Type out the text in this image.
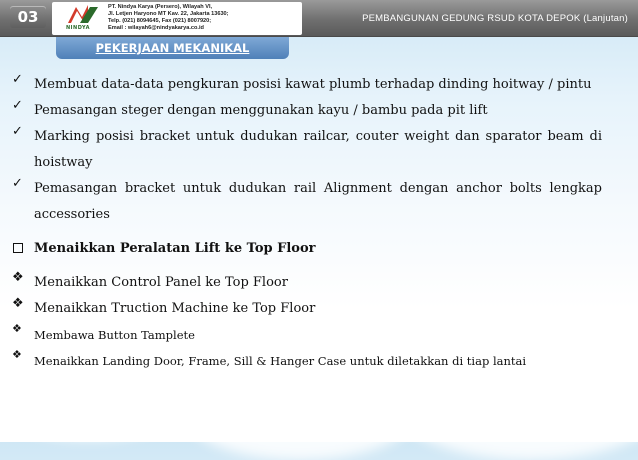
03
NINDYA
PT. Nindya Karya (Persero), Wilayah VI,
Jl. Letjen Haryono MT Kav. 22, Jakarta 13630;
Telp. (021) 8094645, Fax (021) 8007920;
Email : wilayah6@nindyakarya.co.id
PEMBANGUNAN GEDUNG RSUD KOTA DEPOK (Lanjutan)
PEKERJAAN MEKANIKAL
✓ Membuat data-data pengkuran posisi kawat plumb terhadap dinding hoitway / pintu
✓ Pemasangan steger dengan menggunakan kayu / bambu pada pit lift
✓ Marking posisi bracket untuk dudukan railcar, couter weight dan sparator beam di hoistway
✓ Pemasangan bracket untuk dudukan rail Alignment dengan anchor bolts lengkap accessories
Menaikkan Peralatan Lift ke Top Floor
❖ Menaikkan Control Panel ke Top Floor
❖ Menaikkan Truction Machine ke Top Floor
❖ Membawa Button Tamplete
❖ Menaikkan Landing Door, Frame, Sill & Hanger Case untuk diletakkan di tiap lantai
